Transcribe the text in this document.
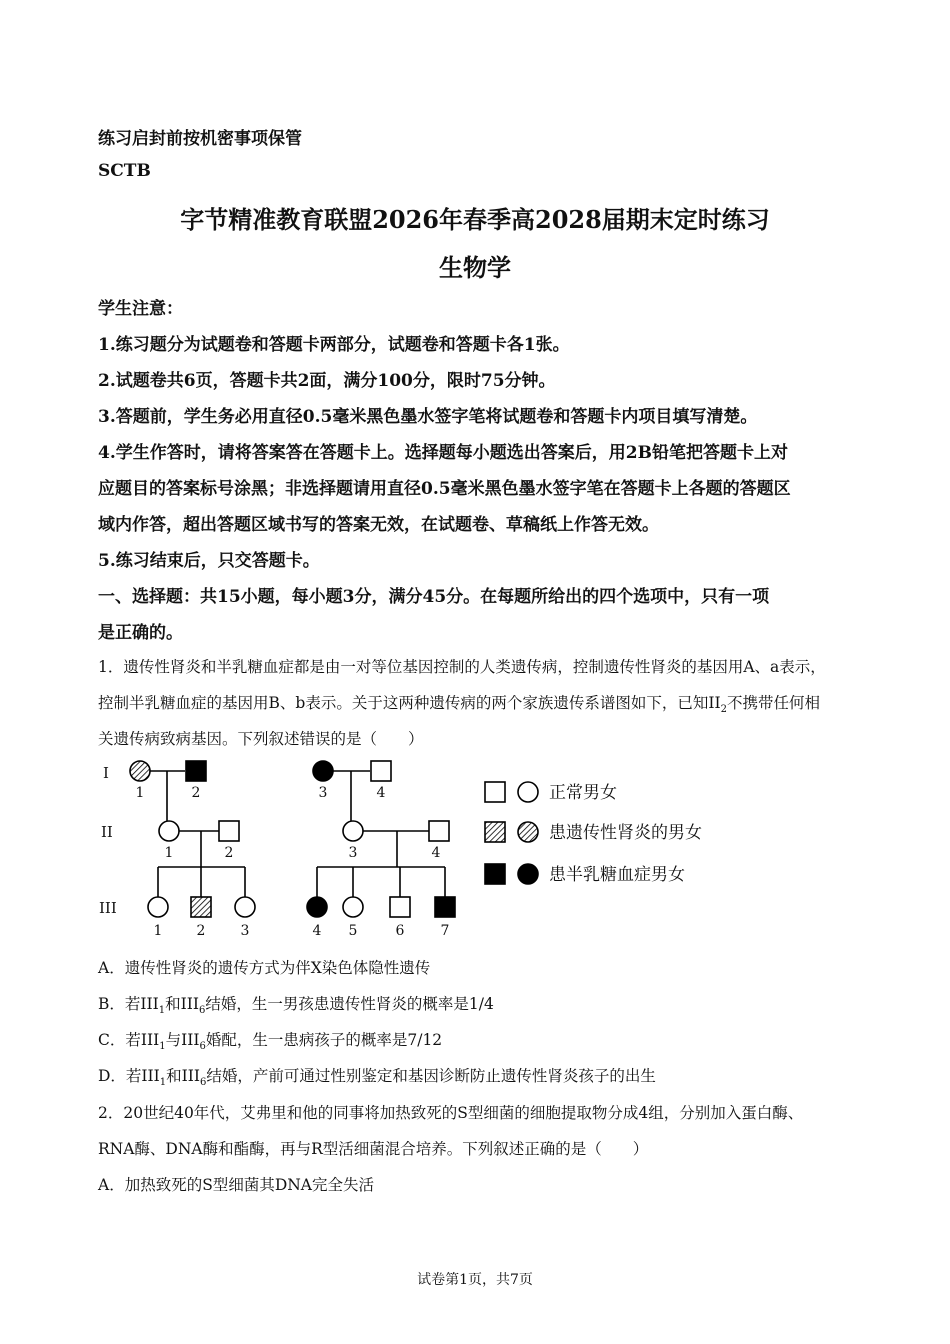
练习启封前按机密事项保管
SCTB
字节精准教育联盟2026年春季高2028届期末定时练习
生物学
学生注意：
1.练习题分为试题卷和答题卡两部分，试题卷和答题卡各1张。
2.试题卷共6页，答题卡共2面，满分100分，限时75分钟。
3.答题前，学生务必用直径0.5毫米黑色墨水签字笔将试题卷和答题卡内项目填写清楚。
4.学生作答时，请将答案答在答题卡上。选择题每小题选出答案后，用2B铅笔把答题卡上对
应题目的答案标号涂黑；非选择题请用直径0.5毫米黑色墨水签字笔在答题卡上各题的答题区
域内作答，超出答题区域书写的答案无效，在试题卷、草稿纸上作答无效。
5.练习结束后，只交答题卡。
一、选择题：共15小题，每小题3分，满分45分。在每题所给出的四个选项中，只有一项
是正确的。
1．遗传性肾炎和半乳糖血症都是由一对等位基因控制的人类遗传病，控制遗传性肾炎的基因用A、a表示，
控制半乳糖血症的基因用B、b表示。关于这两种遗传病的两个家族遗传系谱图如下，已知$II_2$不携带任何相
关遗传病致病基因。下列叙述错误的是（　　）
I
II
III
1	2	3	4
1	2	3	4
1 2	3	4 5	6	7
正常男女
患遗传性肾炎的男女
患半乳糖血症男女
A．遗传性肾炎的遗传方式为伴X染色体隐性遗传
B．若$III_1$和$III_6$结婚，生一男孩患遗传性肾炎的概率是1/4
C．若$III_1$与$III_6$婚配，生一患病孩子的概率是7/12
D．若$III_1$和$III_6$结婚，产前可通过性别鉴定和基因诊断防止遗传性肾炎孩子的出生
2．20世纪40年代，艾弗里和他的同事将加热致死的S型细菌的细胞提取物分成4组，分别加入蛋白酶、
RNA酶、DNA酶和酯酶，再与R型活细菌混合培养。下列叙述正确的是（　　）
A．加热致死的S型细菌其DNA完全失活
试卷第1页，共7页
